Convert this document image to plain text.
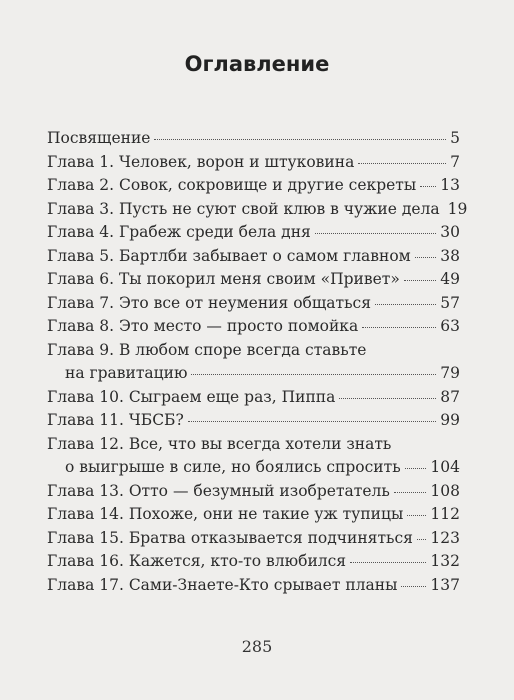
Оглавление
Посвящение	5
Глава 1. Человек, ворон и штуковина	7
Глава 2. Совок, сокровище и другие секреты 13
Глава 3. Пусть не суют свой клюв в чужие дела 19
Глава 4. Грабеж среди бела дня	30
Глава 5. Бартлби забывает о самом главном 38
Глава 6. Ты покорил меня своим «Привет»	49
Глава 7. Это все от неумения общаться	57
Глава 8. Это место — просто помойка	63
Глава 9. В любом споре всегда ставьте
на гравитацию	79
Глава 10. Сыграем еще раз, Пиппа	87
Глава 11. ЧБСБ?	99
Глава 12. Все, что вы всегда хотели знать
о выигрыше в силе, но боялись спросить 104
Глава 13. Отто — безумный изобретатель	108
Глава 14. Похоже, они не такие уж тупицы 112
Глава 15. Братва отказывается подчиняться 123
Глава 16. Кажется, кто-то влюбился	132
Глава 17. Сами-Знаете-Кто срывает планы 137
285
